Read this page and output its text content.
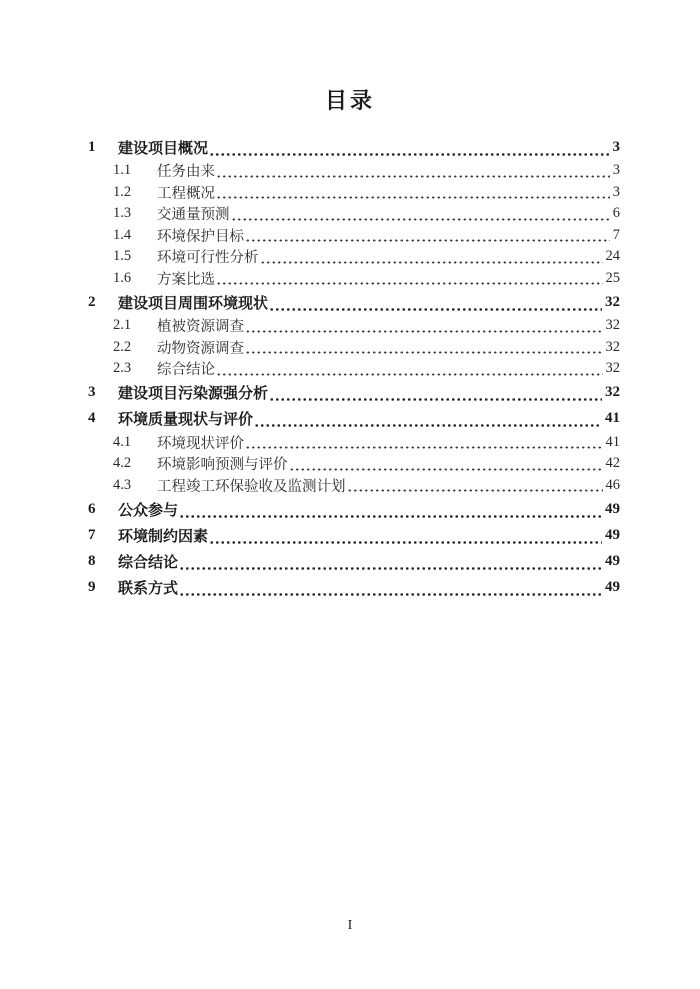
目录
1	建设项目概况	3
1.1	任务由来	3
1.2	工程概况	3
1.3	交通量预测	6
1.4	环境保护目标	7
1.5	环境可行性分析	24
1.6	方案比选	25
2	建设项目周围环境现状	32
2.1	植被资源调查	32
2.2	动物资源调查	32
2.3	综合结论	32
3	建设项目污染源强分析	32
4	环境质量现状与评价	41
4.1	环境现状评价	41
4.2	环境影响预测与评价	42
4.3	工程竣工环保验收及监测计划	46
6	公众参与	49
7	环境制约因素	49
8	综合结论	49
9	联系方式	49
I
